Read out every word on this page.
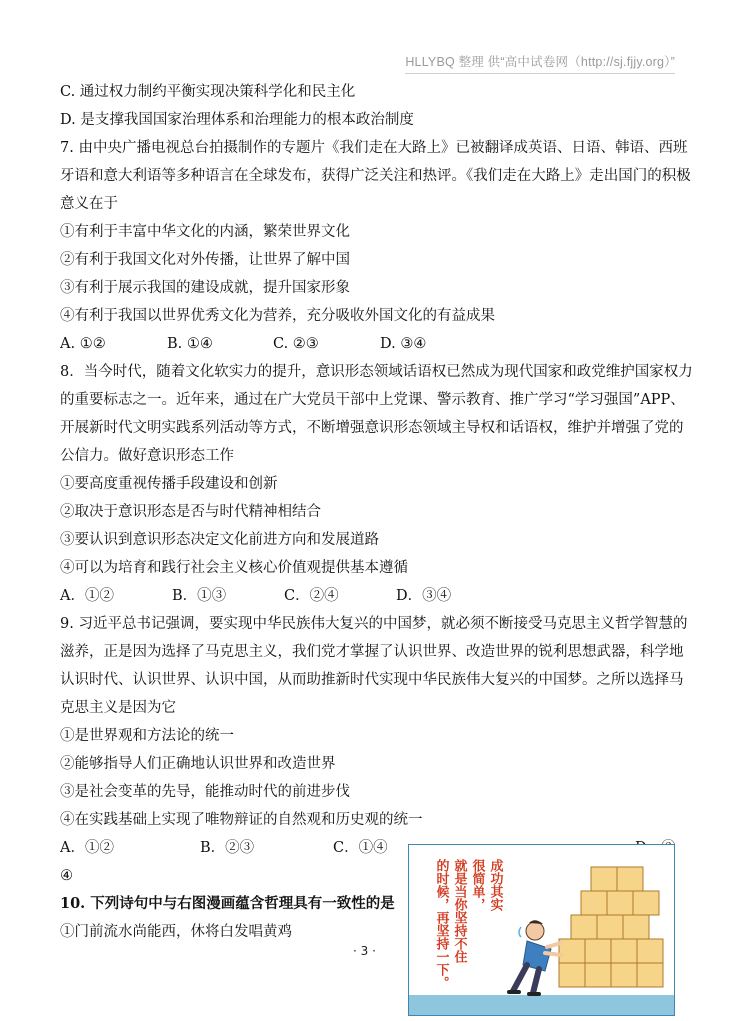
HLLYBQ 整理 供“高中试卷网（http://sj.fjjy.org）”
C. 通过权力制约平衡实现决策科学化和民主化
D. 是支撑我国国家治理体系和治理能力的根本政治制度
7. 由中央广播电视总台拍摄制作的专题片《我们走在大路上》已被翻译成英语、日语、韩语、西班
牙语和意大利语等多种语言在全球发布，获得广泛关注和热评。《我们走在大路上》走出国门的积极
意义在于
①有利于丰富中华文化的内涵，繁荣世界文化
②有利于我国文化对外传播，让世界了解中国
③有利于展示我国的建设成就，提升国家形象
④有利于我国以世界优秀文化为营养，充分吸收外国文化的有益成果
A. ①②	B. ①④	C. ②③	D. ③④
8．当今时代，随着文化软实力的提升，意识形态领域话语权已然成为现代国家和政党维护国家权力
的重要标志之一。近年来，通过在广大党员干部中上党课、警示教育、推广学习“学习强国”APP、
开展新时代文明实践系列活动等方式，不断增强意识形态领域主导权和话语权，维护并增强了党的
公信力。做好意识形态工作
①要高度重视传播手段建设和创新
②取决于意识形态是否与时代精神相结合
③要认识到意识形态决定文化前进方向和发展道路
④可以为培育和践行社会主义核心价值观提供基本遵循
A．①②	B．①③	C．②④	D．③④
9. 习近平总书记强调，要实现中华民族伟大复兴的中国梦，就必须不断接受马克思主义哲学智慧的
滋养，正是因为选择了马克思主义，我们党才掌握了认识世界、改造世界的锐利思想武器，科学地
认识时代、认识世界、认识中国，从而助推新时代实现中华民族伟大复兴的中国梦。之所以选择马
克思主义是因为它
①是世界观和方法论的统一
②能够指导人们正确地认识世界和改造世界
③是社会变革的先导，能推动时代的前进步伐
④在实践基础上实现了唯物辩证的自然观和历史观的统一
A．①②	B．②③	C．①④
④
10. 下列诗句中与右图漫画蕴含哲理具有一致性的是
①门前流水尚能西，休将白发唱黄鸡
· 3 ·
成功其实
很简单，
就是当你坚持不住
的时候，再坚持一下。
